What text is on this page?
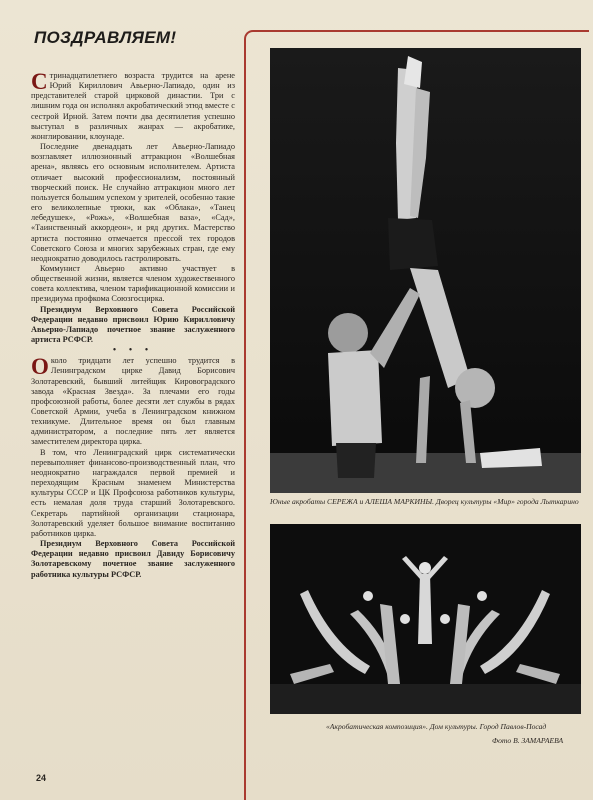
ПОЗДРАВЛЯЕМ!

Стринадцатилетнего возраста трудится на арене Юрий Кириллович Авьерно-Лапиадо, один из представителей старой цирковой династии. Три с лишним года он исполнял акробатический этюд вместе с сестрой Ирной. Затем почти два десятилетия успешно выступал в различных жанрах — акробатике, жонглировании, клоунаде.

Последние двенадцать лет Авьерно-Лапиадо возглавляет иллюзионный аттракцион «Волшебная арена», являясь его основным исполнителем. Артиста отличает высокий профессионализм, постоянный творческий поиск. Не случайно аттракцион много лет пользуется большим успехом у зрителей, особенно такие его великолепные трюки, как «Облака», «Танец лебедушек», «Рожь», «Волшебная ваза», «Сад», «Таинственный аккордеон», и ряд других. Мастерство артиста постоянно отмечается прессой тех городов Советского Союза и многих зарубежных стран, где ему неоднократно доводилось гастролировать.

Коммунист Авьерно активно участвует в общественной жизни, является членом художественного совета коллектива, членом тарификационной комиссии и президиума профкома Союзгосцирка.

Президиум Верховного Совета Российской Федерации недавно присвоил Юрию Кирилловичу Авьерно-Лапиадо почетное звание заслуженного артиста РСФСР.

• • •

Около тридцати лет успешно трудится в Ленинградском цирке Давид Борисович Золотаревский, бывший литейщик Кировоградского завода «Красная Звезда». За плечами его годы профсоюзной работы, более десяти лет службы в рядах Советской Армии, учеба в Ленинградском книжном техникуме. Длительное время он был главным администратором, а последние пять лет является заместителем директора цирка.

В том, что Ленинградский цирк систематически перевыполняет финансово-производственный план, что неоднократно награждался первой премией и переходящим Красным знаменем Министерства культуры СССР и ЦК Профсоюза работников культуры, есть немалая доля труда старший Золотаревского. Секретарь партийной организации стационара, Золотаревский уделяет большое внимание воспитанию работников цирка.

Президиум Верховного Совета Российской Федерации недавно присвоил Давиду Борисовичу Золотаревскому почетное звание заслуженного работника культуры РСФСР.

Юные акробаты СЕРЕЖА и АЛЕША МАРКИНЫ. Дворец культуры «Мир» города Лыткарино
«Акробатическая композиция». Дом культуры. Город Павлов-Посад
Фото В. ЗАМАРАЕВА
24
